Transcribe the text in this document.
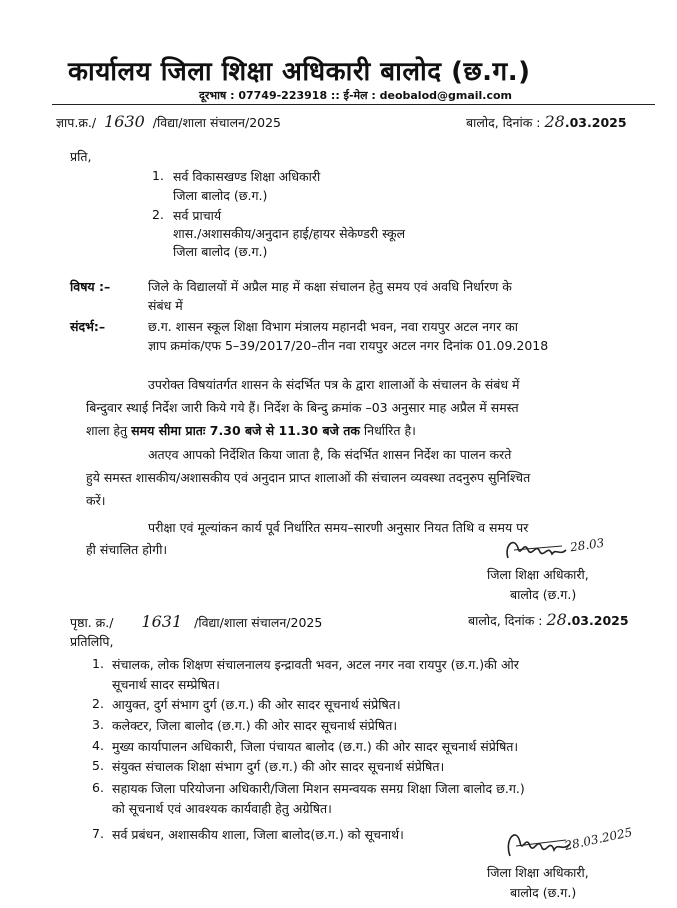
कार्यालय जिला शिक्षा अधिकारी बालोद (छ.ग.)
दूरभाष : 07749-223918 :: ई-मेल : deobalod@gmail.com
ज्ञाप.क्र./ 1630 /विद्या/शाला संचालन/2025	बालोद, दिनांक : 28.03.2025
प्रति,
1. सर्व विकासखण्ड शिक्षा अधिकारी
जिला बालोद (छ.ग.)
2. सर्व प्राचार्य
शास./अशासकीय/अनुदान हाई/हायर सेकेण्डरी स्कूल
जिला बालोद (छ.ग.)
विषय :–	जिले के विद्यालयों में अप्रैल माह में कक्षा संचालन हेतु समय एवं अवधि निर्धारण के
संबंध में
संदर्भ:–	छ.ग. शासन स्कूल शिक्षा विभाग मंत्रालय महानदी भवन, नवा रायपुर अटल नगर का
ज्ञाप क्रमांक/एफ 5–39/2017/20–तीन नवा रायपुर अटल नगर दिनांक 01.09.2018
उपरोक्त विषयांतर्गत शासन के संदर्भित पत्र के द्वारा शालाओं के संचालन के संबंध में
बिन्दुवार स्थाई निर्देश जारी किये गये हैं। निर्देश के बिन्दु क्रमांक –03 अनुसार माह अप्रैल में समस्त
शाला हेतु समय सीमा प्रातः 7.30 बजे से 11.30 बजे तक निर्धारित है।
अतएव आपको निर्देशित किया जाता है, कि संदर्भित शासन निर्देश का पालन करते
हुये समस्त शासकीय/अशासकीय एवं अनुदान प्राप्त शालाओं की संचालन व्यवस्था तदनुरुप सुनिश्चित
करें।
परीक्षा एवं मूल्यांकन कार्य पूर्व निर्धारित समय–सारणी अनुसार नियत तिथि व समय पर
ही संचालित होगी।	28.03
जिला शिक्षा अधिकारी,
बालोद (छ.ग.)
पृष्ठा. क्र./ 1631 /विद्या/शाला संचालन/2025	बालोद, दिनांक : 28.03.2025
प्रतिलिपि,
1. संचालक, लोक शिक्षण संचालनालय इन्द्रावती भवन, अटल नगर नवा रायपुर (छ.ग.)की ओर
सूचनार्थ सादर सम्प्रेषित।
2. आयुक्त, दुर्ग संभाग दुर्ग (छ.ग.) की ओर सादर सूचनार्थ संप्रेषित।
3. कलेक्टर, जिला बालोद (छ.ग.) की ओर सादर सूचनार्थ संप्रेषित।
4. मुख्य कार्यापालन अधिकारी, जिला पंचायत बालोद (छ.ग.) की ओर सादर सूचनार्थ संप्रेषित।
5. संयुक्त संचालक शिक्षा संभाग दुर्ग (छ.ग.) की ओर सादर सूचनार्थ संप्रेषित।
6. सहायक जिला परियोजना अधिकारी/जिला मिशन समन्वयक समग्र शिक्षा जिला बालोद छ.ग.)
को सूचनार्थ एवं आवश्यक कार्यवाही हेतु अग्रेषित।
7. सर्व प्रबंधन, अशासकीय शाला, जिला बालोद(छ.ग.) को सूचनार्थ।	28.03.2025
जिला शिक्षा अधिकारी,
बालोद (छ.ग.)
